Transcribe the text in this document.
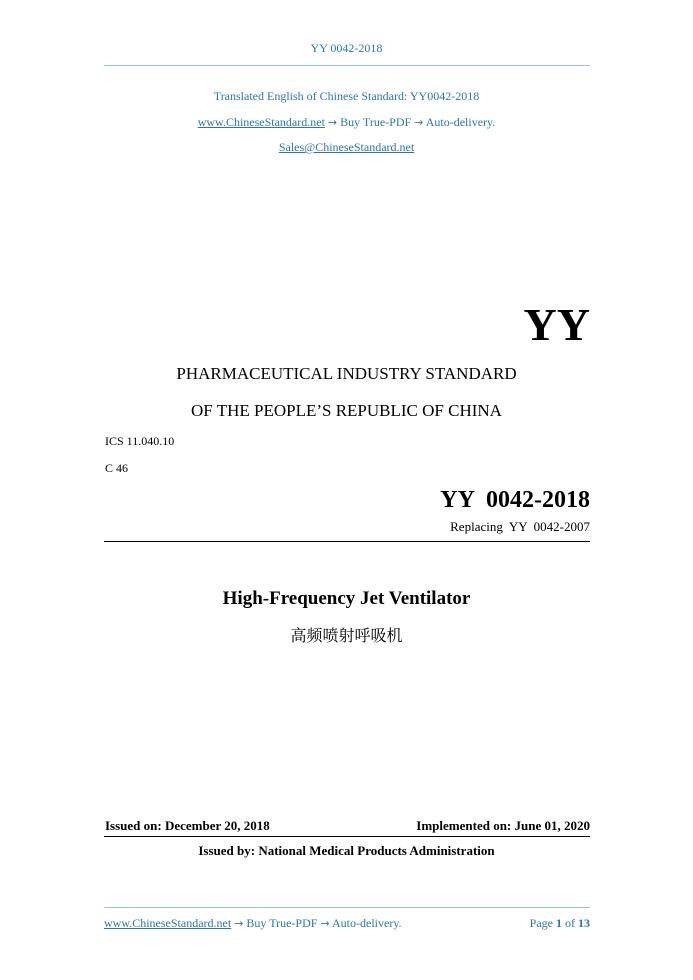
YY 0042-2018
Translated English of Chinese Standard: YY0042-2018
www.ChineseStandard.net → Buy True-PDF → Auto-delivery.
Sales@ChineseStandard.net
YY
PHARMACEUTICAL INDUSTRY STANDARD
OF THE PEOPLE’S REPUBLIC OF CHINA
ICS 11.040.10
C 46
YY  0042-2018
Replacing  YY  0042-2007
High-Frequency Jet Ventilator
高频喷射呼吸机
Issued on: December 20, 2018	Implemented on: June 01, 2020
Issued by: National Medical Products Administration
www.ChineseStandard.net → Buy True-PDF → Auto-delivery.	Page 1 of 13
